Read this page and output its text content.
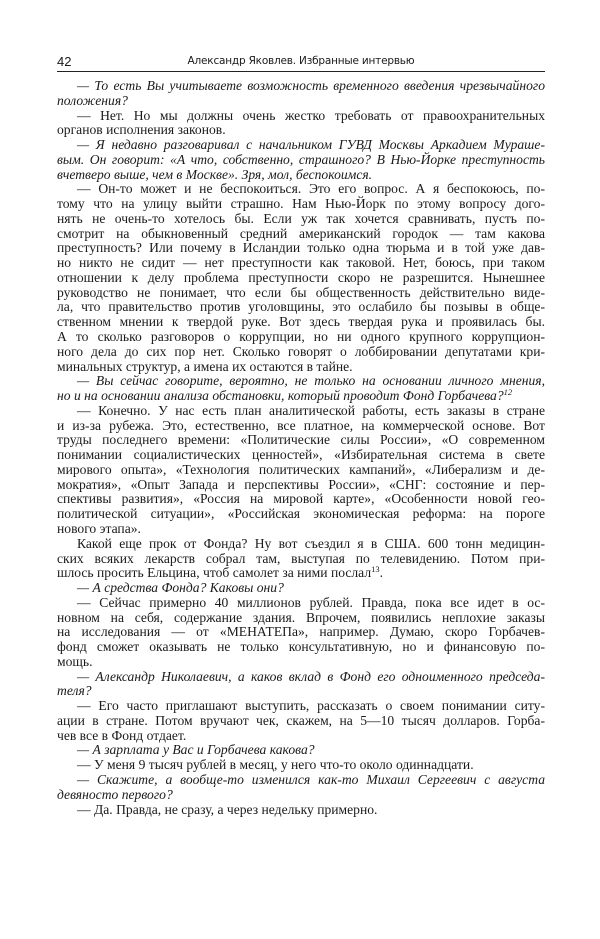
42	Александр Яковлев. Избранные интервью
— То есть Вы учитываете возможность временного введения чрезвычайного
положения?
— Нет. Но мы должны очень жестко требовать от правоохранительных
органов исполнения законов.
— Я недавно разговаривал с начальником ГУВД Москвы Аркадием Мураше-
вым. Он говорит: «А что, собственно, страшного? В Нью-Йорке преступность
вчетверо выше, чем в Москве». Зря, мол, беспокоимся.
— Он-то может и не беспокоиться. Это его вопрос. А я беспокоюсь, по-
тому что на улицу выйти страшно. Нам Нью-Йорк по этому вопросу дого-
нять не очень-то хотелось бы. Если уж так хочется сравнивать, пусть по-
смотрит на обыкновенный средний американский городок — там какова
преступность? Или почему в Исландии только одна тюрьма и в той уже дав-
но никто не сидит — нет преступности как таковой. Нет, боюсь, при таком
отношении к делу проблема преступности скоро не разрешится. Нынешнее
руководство не понимает, что если бы общественность действительно виде-
ла, что правительство против уголовщины, это ослабило бы позывы в обще-
ственном мнении к твердой руке. Вот здесь твердая рука и проявилась бы.
А то сколько разговоров о коррупции, но ни одного крупного коррупцион-
ного дела до сих пор нет. Сколько говорят о лоббировании депутатами кри-
минальных структур, а имена их остаются в тайне.
— Вы сейчас говорите, вероятно, не только на основании личного мнения,
но и на основании анализа обстановки, который проводит Фонд Горбачева?$^{12}$
— Конечно. У нас есть план аналитической работы, есть заказы в стране
и из-за рубежа. Это, естественно, все платное, на коммерческой основе. Вот
труды последнего времени: «Политические силы России», «О современном
понимании социалистических ценностей», «Избирательная система в свете
мирового опыта», «Технология политических кампаний», «Либерализм и де-
мократия», «Опыт Запада и перспективы России», «СНГ: состояние и пер-
спективы развития», «Россия на мировой карте», «Особенности новой гео-
политической ситуации», «Российская экономическая реформа: на пороге
нового этапа».
Какой еще прок от Фонда? Ну вот съездил я в США. 600 тонн медицин-
ских всяких лекарств собрал там, выступая по телевидению. Потом при-
шлось просить Ельцина, чтоб самолет за ними послал$^{13}$.
— А средства Фонда? Каковы они?
— Сейчас примерно 40 миллионов рублей. Правда, пока все идет в ос-
новном на себя, содержание здания. Впрочем, появились неплохие заказы
на исследования — от «МЕНАТЕПа», например. Думаю, скоро Горбачев-
фонд сможет оказывать не только консультативную, но и финансовую по-
мощь.
— Александр Николаевич, а каков вклад в Фонд его одноименного председа-
теля?
— Его часто приглашают выступить, рассказать о своем понимании ситу-
ации в стране. Потом вручают чек, скажем, на 5—10 тысяч долларов. Горба-
чев все в Фонд отдает.
— А зарплата у Вас и Горбачева какова?
— У меня 9 тысяч рублей в месяц, у него что-то около одиннадцати.
— Скажите, а вообще-то изменился как-то Михаил Сергеевич с августа
девяносто первого?
— Да. Правда, не сразу, а через недельку примерно.
